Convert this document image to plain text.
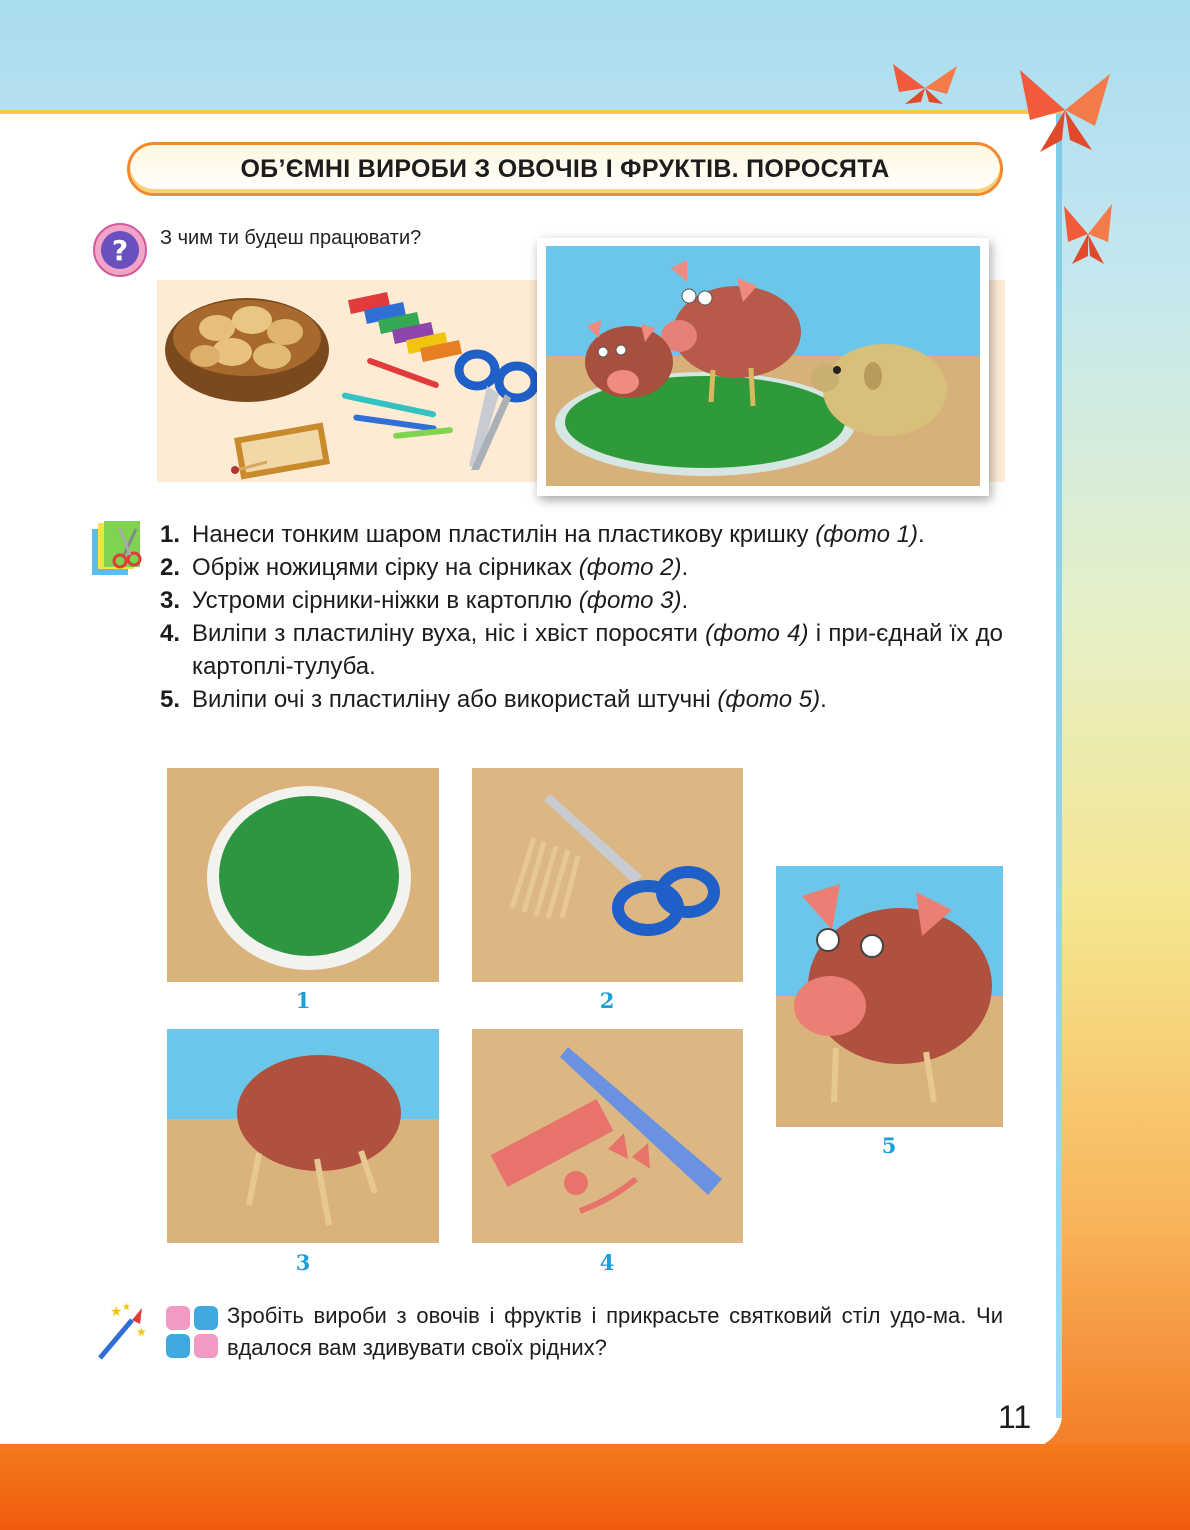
ОБ’ЄМНІ ВИРОБИ З ОВОЧІВ І ФРУКТІВ. ПОРОСЯТА
? З чим ти будеш працювати?
1. Нанеси тонким шаром пластилін на пластикову кришку (фото 1).
2. Обріж ножицями сірку на сірниках (фото 2).
3. Устроми сірники-ніжки в картоплю (фото 3).
4. Виліпи з пластиліну вуха, ніс і хвіст поросяти (фото 4) і при-єднай їх до картоплі-тулуба.
5. Виліпи очі з пластиліну або використай штучні (фото 5).
1	2
3	4
5
★
★
★
	Зробіть вироби з овочів і фруктів і прикрасьте святковий стіл удо-ма. Чи вдалося вам здивувати своїх рідних?
11
